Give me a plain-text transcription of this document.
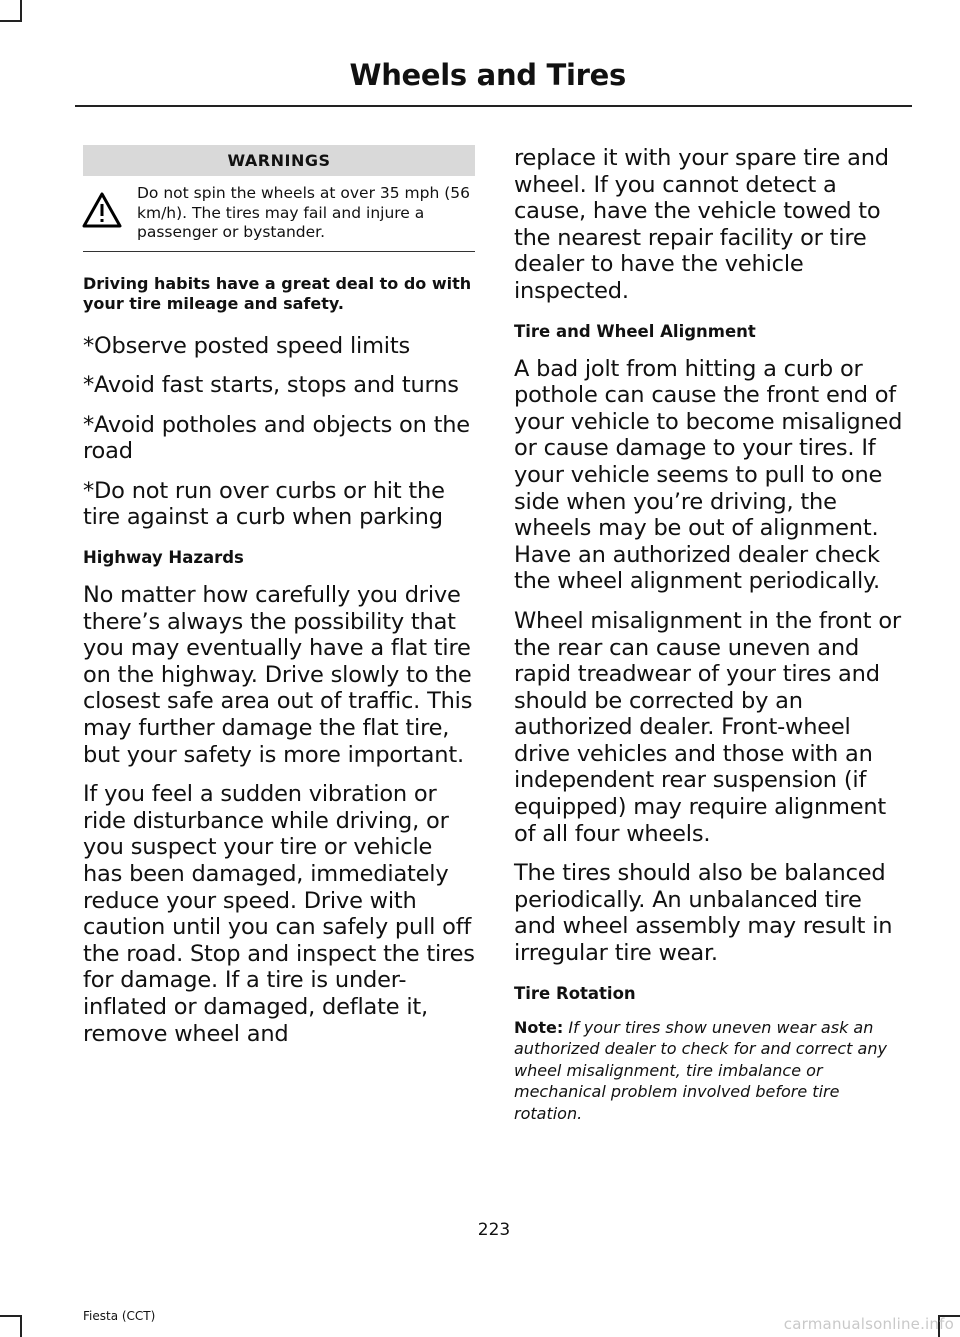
Wheels and Tires
WARNINGS
Do not spin the wheels at over 35 mph (56 km/h). The tires may fail and injure a passenger or bystander.

Driving habits have a great deal to do with your tire mileage and safety.

*Observe posted speed limits

*Avoid fast starts, stops and turns

*Avoid potholes and objects on the road

*Do not run over curbs or hit the tire against a curb when parking

Highway Hazards

No matter how carefully you drive there’s always the possibility that you may eventually have a flat tire on the highway. Drive slowly to the closest safe area out of traffic. This may further damage the flat tire, but your safety is more important.

If you feel a sudden vibration or ride disturbance while driving, or you suspect your tire or vehicle has been damaged, immediately reduce your speed. Drive with caution until you can safely pull off the road. Stop and inspect the tires for damage. If a tire is under-inflated or damaged, deflate it, remove wheel and

replace it with your spare tire and wheel. If you cannot detect a cause, have the vehicle towed to the nearest repair facility or tire dealer to have the vehicle inspected.

Tire and Wheel Alignment

A bad jolt from hitting a curb or pothole can cause the front end of your vehicle to become misaligned or cause damage to your tires. If your vehicle seems to pull to one side when you’re driving, the wheels may be out of alignment. Have an authorized dealer check the wheel alignment periodically.

Wheel misalignment in the front or the rear can cause uneven and rapid treadwear of your tires and should be corrected by an authorized dealer. Front-wheel drive vehicles and those with an independent rear suspension (if equipped) may require alignment of all four wheels.

The tires should also be balanced periodically. An unbalanced tire and wheel assembly may result in irregular tire wear.

Tire Rotation

Note: If your tires show uneven wear ask an authorized dealer to check for and correct any wheel misalignment, tire imbalance or mechanical problem involved before tire rotation.

223
Fiesta (CCT)	carmanualsonline.info
